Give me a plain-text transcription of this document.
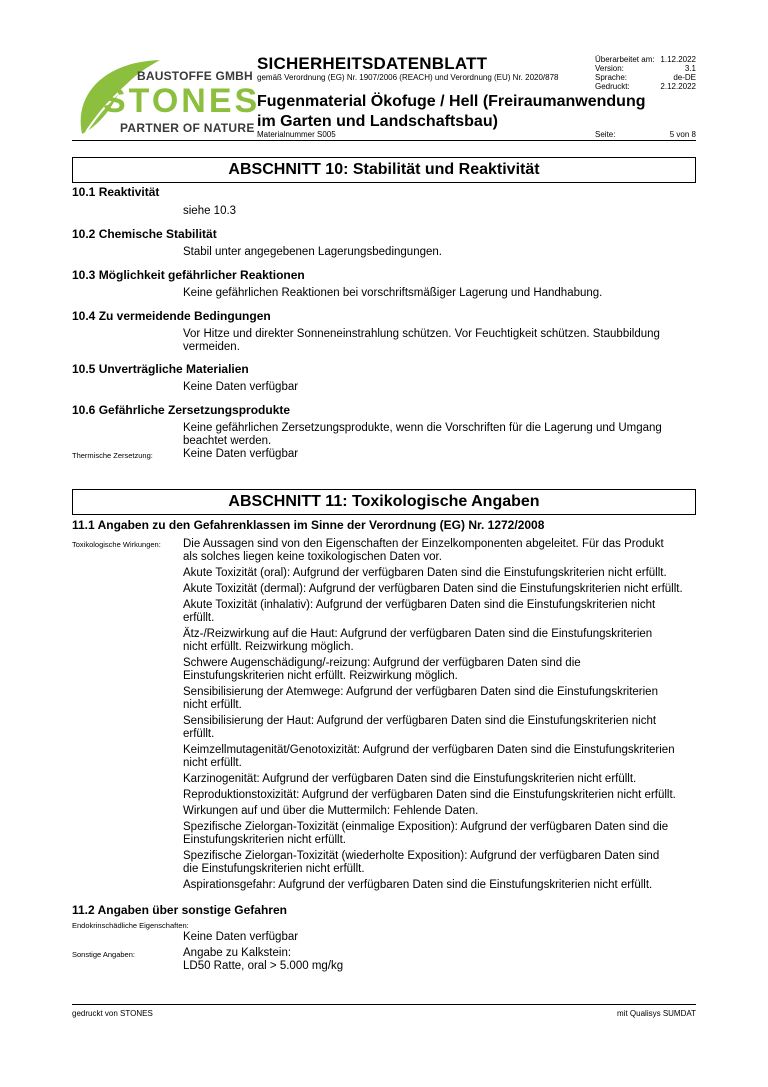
BAUSTOFFE GMBH
STONES
PARTNER OF NATURE
SICHERHEITSDATENBLATT
gemäß Verordnung (EG) Nr. 1907/2006 (REACH) und Verordnung (EU) Nr. 2020/878
Fugenmaterial Ökofuge / Hell (Freiraumanwendung
im Garten und Landschaftsbau)
Materialnummer S005
Überarbeitet am: 1.12.2022
Version:	3.1
Sprache:	de-DE
Gedruckt:	2.12.2022
Seite:	5 von 8
ABSCHNITT 10: Stabilität und Reaktivität
10.1 Reaktivität
siehe 10.3
10.2 Chemische Stabilität
Stabil unter angegebenen Lagerungsbedingungen.
10.3 Möglichkeit gefährlicher Reaktionen
Keine gefährlichen Reaktionen bei vorschriftsmäßiger Lagerung und Handhabung.
10.4 Zu vermeidende Bedingungen
Vor Hitze und direkter Sonneneinstrahlung schützen. Vor Feuchtigkeit schützen. Staubbildung
vermeiden.
10.5 Unverträgliche Materialien
Keine Daten verfügbar
10.6 Gefährliche Zersetzungsprodukte
Keine gefährlichen Zersetzungsprodukte, wenn die Vorschriften für die Lagerung und Umgang
beachtet werden.
Thermische Zersetzung:	Keine Daten verfügbar
ABSCHNITT 11: Toxikologische Angaben
11.1 Angaben zu den Gefahrenklassen im Sinne der Verordnung (EG) Nr. 1272/2008
Toxikologische Wirkungen: Die Aussagen sind von den Eigenschaften der Einzelkomponenten abgeleitet. Für das Produkt
als solches liegen keine toxikologischen Daten vor.
Akute Toxizität (oral): Aufgrund der verfügbaren Daten sind die Einstufungskriterien nicht erfüllt.
Akute Toxizität (dermal): Aufgrund der verfügbaren Daten sind die Einstufungskriterien nicht erfüllt.
Akute Toxizität (inhalativ): Aufgrund der verfügbaren Daten sind die Einstufungskriterien nicht
erfüllt.
Ätz-/Reizwirkung auf die Haut: Aufgrund der verfügbaren Daten sind die Einstufungskriterien
nicht erfüllt. Reizwirkung möglich.
Schwere Augenschädigung/-reizung: Aufgrund der verfügbaren Daten sind die
Einstufungskriterien nicht erfüllt. Reizwirkung möglich.
Sensibilisierung der Atemwege: Aufgrund der verfügbaren Daten sind die Einstufungskriterien
nicht erfüllt.
Sensibilisierung der Haut: Aufgrund der verfügbaren Daten sind die Einstufungskriterien nicht
erfüllt.
Keimzellmutagenität/Genotoxizität: Aufgrund der verfügbaren Daten sind die Einstufungskriterien
nicht erfüllt.
Karzinogenität: Aufgrund der verfügbaren Daten sind die Einstufungskriterien nicht erfüllt.
Reproduktionstoxizität: Aufgrund der verfügbaren Daten sind die Einstufungskriterien nicht erfüllt.
Wirkungen auf und über die Muttermilch: Fehlende Daten.
Spezifische Zielorgan-Toxizität (einmalige Exposition): Aufgrund der verfügbaren Daten sind die
Einstufungskriterien nicht erfüllt.
Spezifische Zielorgan-Toxizität (wiederholte Exposition): Aufgrund der verfügbaren Daten sind
die Einstufungskriterien nicht erfüllt.
Aspirationsgefahr: Aufgrund der verfügbaren Daten sind die Einstufungskriterien nicht erfüllt.
11.2 Angaben über sonstige Gefahren
Endokrinschädliche Eigenschaften:
Keine Daten verfügbar
Sonstige Angaben:	Angabe zu Kalkstein:
LD50 Ratte, oral > 5.000 mg/kg
gedruckt von STONES	mit Qualisys SUMDAT
